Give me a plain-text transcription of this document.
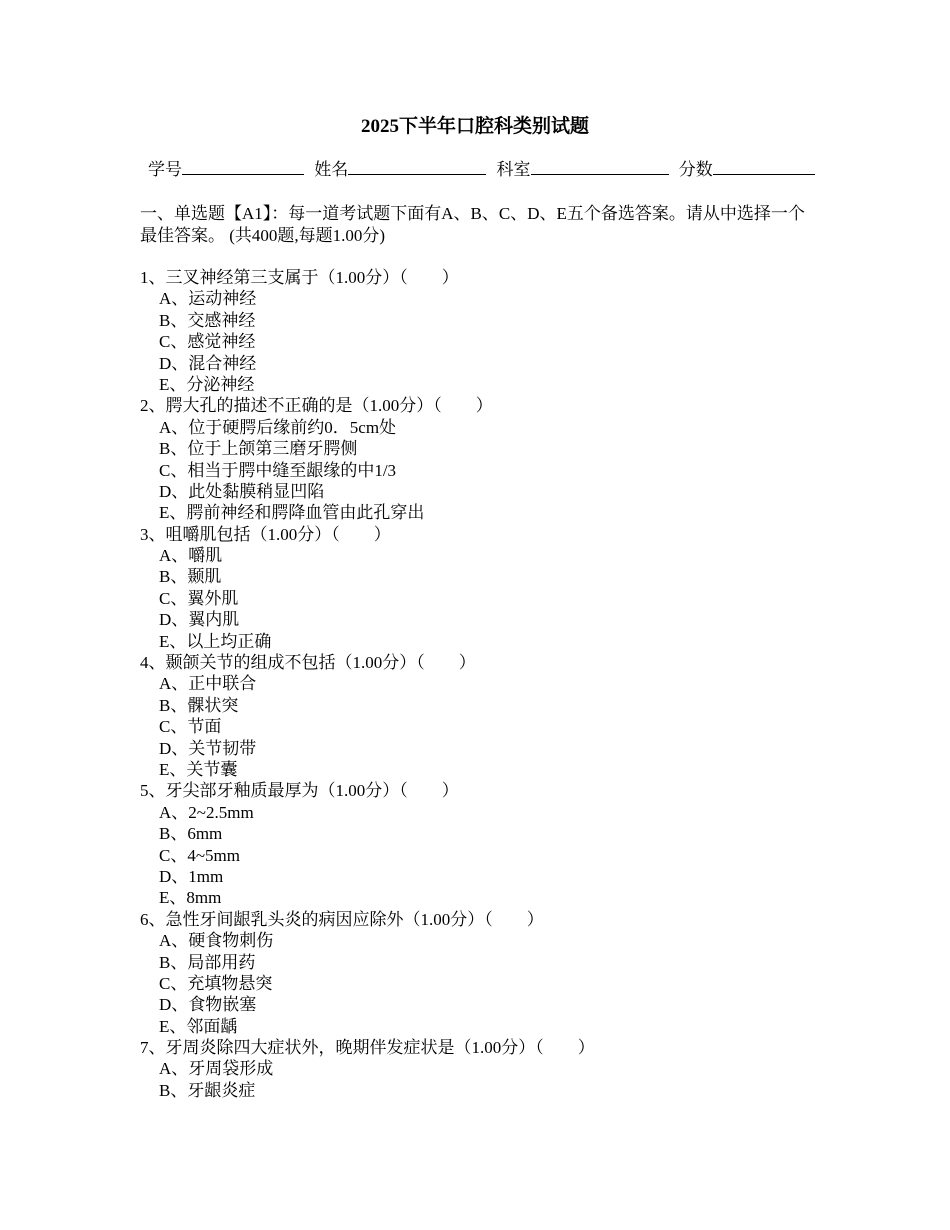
2025下半年口腔科类别试题
学号	姓名	科室	分数
一、单选题【A1】：每一道考试题下面有A、B、C、D、E五个备选答案。请从中选择一个最佳答案。 (共400题,每题1.00分)
1、三叉神经第三支属于（1.00分）（　　）
A、运动神经
B、交感神经
C、感觉神经
D、混合神经
E、分泌神经
2、腭大孔的描述不正确的是（1.00分）（　　）
A、位于硬腭后缘前约0．5cm处
B、位于上颌第三磨牙腭侧
C、相当于腭中缝至龈缘的中1/3
D、此处黏膜稍显凹陷
E、腭前神经和腭降血管由此孔穿出
3、咀嚼肌包括（1.00分）（　　）
A、嚼肌
B、颞肌
C、翼外肌
D、翼内肌
E、以上均正确
4、颞颌关节的组成不包括（1.00分）（　　）
A、正中联合
B、髁状突
C、节面
D、关节韧带
E、关节囊
5、牙尖部牙釉质最厚为（1.00分）（　　）
A、2~2.5mm
B、6mm
C、4~5mm
D、1mm
E、8mm
6、急性牙间龈乳头炎的病因应除外（1.00分）（　　）
A、硬食物刺伤
B、局部用药
C、充填物悬突
D、食物嵌塞
E、邻面龋
7、牙周炎除四大症状外，晚期伴发症状是（1.00分）（　　）
A、牙周袋形成
B、牙龈炎症
